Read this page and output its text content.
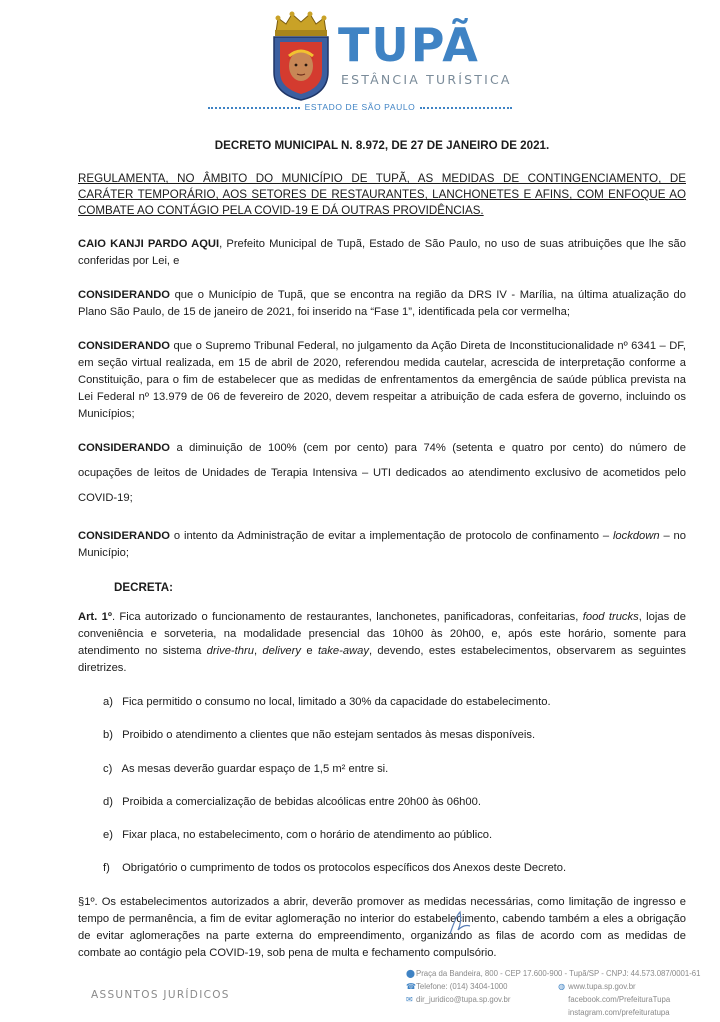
TUPÃ
ESTÂNCIA TURÍSTICA
ESTADO DE SÃO PAULO
DECRETO MUNICIPAL N. 8.972, DE 27 DE JANEIRO DE 2021.
REGULAMENTA, NO ÂMBITO DO MUNICÍPIO DE TUPÃ, AS MEDIDAS DE CONTINGENCIAMENTO, DE CARÁTER TEMPORÁRIO, AOS SETORES DE RESTAURANTES, LANCHONETES E AFINS, COM ENFOQUE AO COMBATE AO CONTÁGIO PELA COVID-19 E DÁ OUTRAS PROVIDÊNCIAS.

CAIO KANJI PARDO AQUI, Prefeito Municipal de Tupã, Estado de São Paulo, no uso de suas atribuições que lhe são conferidas por Lei, e

CONSIDERANDO que o Município de Tupã, que se encontra na região da DRS IV - Marília, na última atualização do Plano São Paulo, de 15 de janeiro de 2021, foi inserido na “Fase 1”, identificada pela cor vermelha;

CONSIDERANDO que o Supremo Tribunal Federal, no julgamento da Ação Direta de Inconstitucionalidade nº 6341 – DF, em seção virtual realizada, em 15 de abril de 2020, referendou medida cautelar, acrescida de interpretação conforme a Constituição, para o fim de estabelecer que as medidas de enfrentamentos da emergência de saúde pública prevista na Lei Federal nº 13.979 de 06 de fevereiro de 2020, devem respeitar a atribuição de cada esfera de governo, incluindo os Municípios;

CONSIDERANDO a diminuição de 100% (cem por cento) para 74% (setenta e quatro por cento) do número de ocupações de leitos de Unidades de Terapia Intensiva – UTI dedicados ao atendimento exclusivo de acometidos pelo COVID-19;

CONSIDERANDO o intento da Administração de evitar a implementação de protocolo de confinamento – lockdown – no Município;

DECRETA:

Art. 1º. Fica autorizado o funcionamento de restaurantes, lanchonetes, panificadoras, confeitarias, food trucks, lojas de conveniência e sorveteria, na modalidade presencial das 10h00 às 20h00, e, após este horário, somente para atendimento no sistema drive-thru, delivery e take-away, devendo, estes estabelecimentos, observarem as seguintes diretrizes.

a) Fica permitido o consumo no local, limitado a 30% da capacidade do estabelecimento.
b) Proibido o atendimento a clientes que não estejam sentados às mesas disponíveis.
c) As mesas deverão guardar espaço de 1,5 m² entre si.
d) Proibida a comercialização de bebidas alcoólicas entre 20h00 às 06h00.
e) Fixar placa, no estabelecimento, com o horário de atendimento ao público.
f) Obrigatório o cumprimento de todos os protocolos específicos dos Anexos deste Decreto.

§1º. Os estabelecimentos autorizados a abrir, deverão promover as medidas necessárias, como limitação de ingresso e tempo de permanência, a fim de evitar aglomeração no interior do estabelecimento, cabendo também a eles a obrigação de evitar aglomerações na parte externa do empreendimento, organizando as filas de acordo com as medidas de combate ao contágio pela COVID-19, sob pena de multa e fechamento compulsório.

ASSUNTOS JURÍDICOS
⬤Praça da Bandeira, 800 - CEP 17.600-900 - Tupã/SP - CNPJ: 44.573.087/0001-61
☎Telefone: (014) 3404-1000
✉ dir_juridico@tupa.sp.gov.br

◍ www.tupa.sp.gov.br
facebook.com/PrefeituraTupa
instagram.com/prefeituratupa
